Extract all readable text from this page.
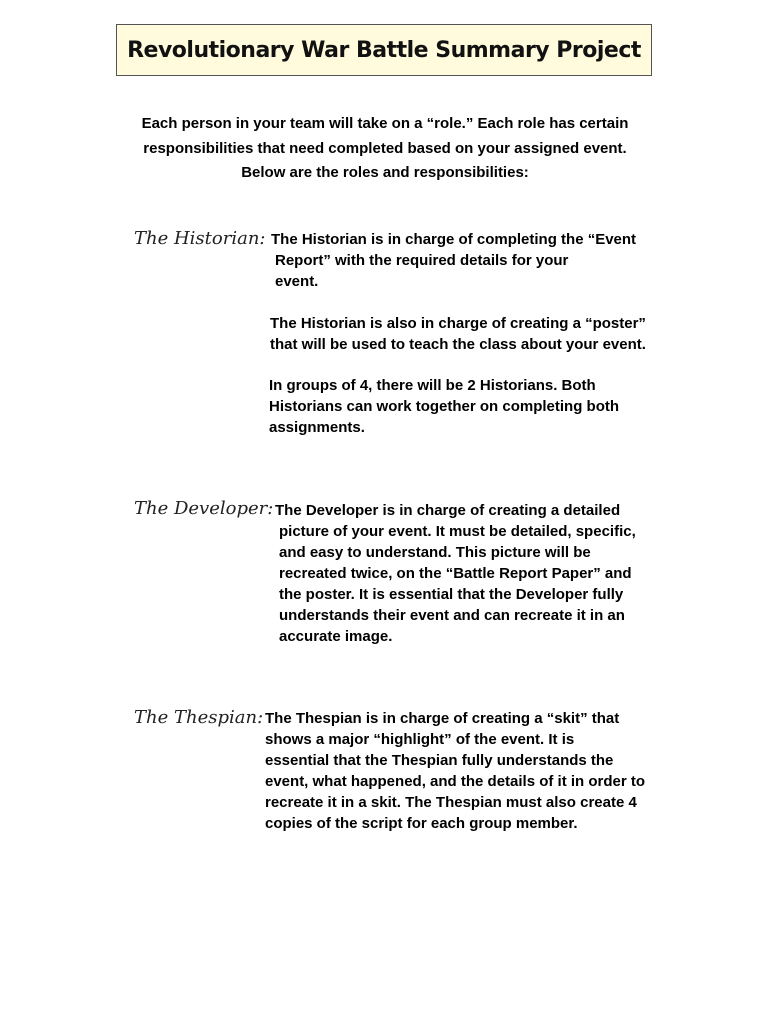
Revolutionary War Battle Summary Project

Each person in your team will take on a “role.” Each role has certain

responsibilities that need completed based on your assigned event.

Below are the roles and responsibilities:

The Historian: The Historian is in charge of completing the “Event
Report” with the required details for your
event.

The Historian is also in charge of creating a “poster”
that will be used to teach the class about your event.

In groups of 4, there will be 2 Historians. Both
Historians can work together on completing both
assignments.

The Developer: The Developer is in charge of creating a detailed
picture of your event. It must be detailed, specific,
and easy to understand. This picture will be
recreated twice, on the “Battle Report Paper” and
the poster. It is essential that the Developer fully
understands their event and can recreate it in an
accurate image.

The Thespian: The Thespian is in charge of creating a “skit” that
shows a major “highlight” of the event. It is
essential that the Thespian fully understands the
event, what happened, and the details of it in order to
recreate it in a skit. The Thespian must also create 4
copies of the script for each group member.
